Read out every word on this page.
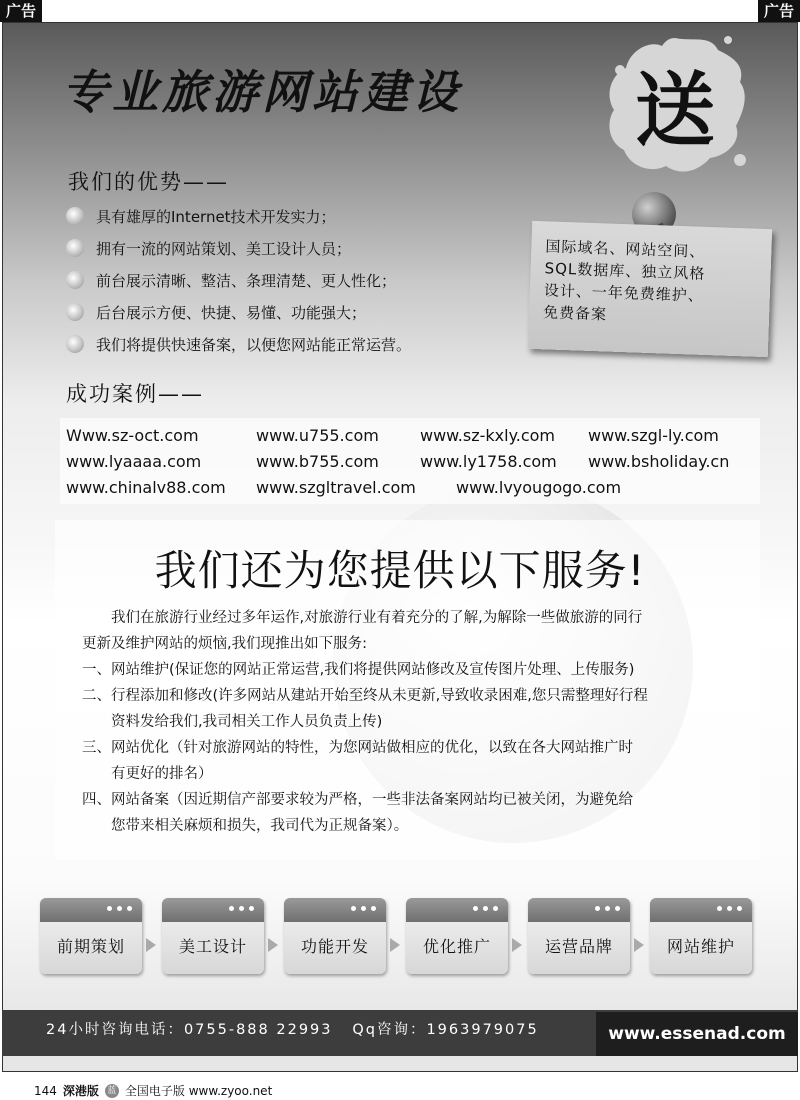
广告	广告
专业旅游网站建设 送
国际域名、网站空间、
SQL数据库、独立风格
设计、一年免费维护、
免费备案
我们的优势——
具有雄厚的Internet技术开发实力；
拥有一流的网站策划、美工设计人员；
前台展示清晰、整洁、条理清楚、更人性化；
后台展示方便、快捷、易懂、功能强大；
我们将提供快速备案，以便您网站能正常运营。
成功案例——
Www.sz-oct.com	www.u755.com	www.sz-kxly.com www.szgl-ly.com
www.lyaaaa.com	www.b755.com	www.ly1758.com www.bsholiday.cn
www.chinalv88.com www.szgltravel.com	www.lvyougogo.com
我们还为您提供以下服务!

　　我们在旅游行业经过多年运作,对旅游行业有着充分的了解,为解除一些做旅游的同行

更新及维护网站的烦恼,我们现推出如下服务:

一、网站维护(保证您的网站正常运营,我们将提供网站修改及宣传图片处理、上传服务)

二、行程添加和修改(许多网站从建站开始至终从未更新,导致收录困难,您只需整理好行程

　　资料发给我们,我司相关工作人员负责上传)

三、网站优化（针对旅游网站的特性，为您网站做相应的优化，以致在各大网站推广时

　　有更好的排名）

四、网站备案（因近期信产部要求较为严格，一些非法备案网站均已被关闭，为避免给

　　您带来相关麻烦和损失，我司代为正规备案）。

前期策划	美工设计	功能开发	优化推广	运营品牌	网站维护
24小时咨询电话：0755-888 22993 Qq咨询：1963979075	www.essenad.com
144 深港版 蓝 全国电子版 www.zyoo.net
